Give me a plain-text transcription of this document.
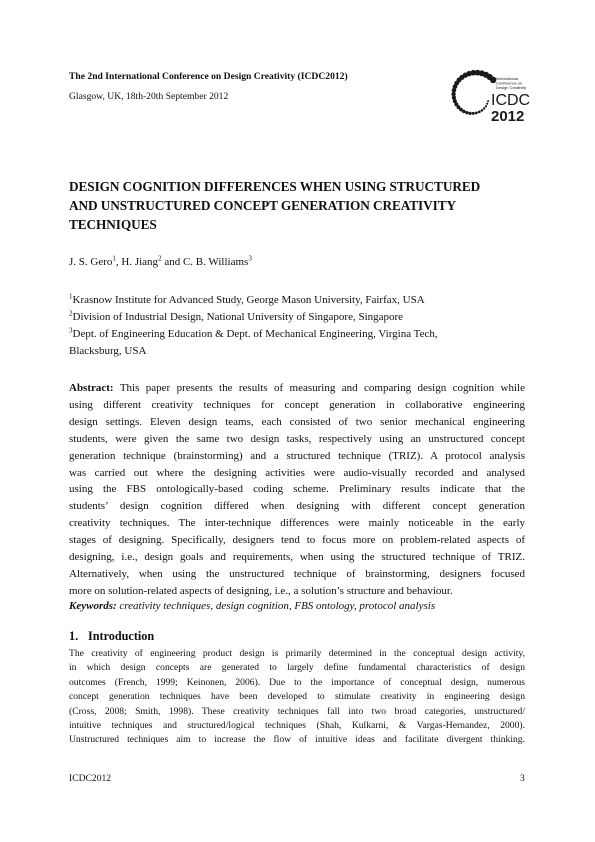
The 2nd International Conference on Design Creativity (ICDC2012)
Glasgow, UK, 18th-20th September 2012
International
Conference on
Design Creativity
ICDC
2012
DESIGN COGNITION DIFFERENCES WHEN USING STRUCTURED
AND UNSTRUCTURED CONCEPT GENERATION CREATIVITY
TECHNIQUES
J. S. Gero$^1$, H. Jiang$^2$ and C. B. Williams$^3$
$^1$Krasnow Institute for Advanced Study, George Mason University, Fairfax, USA
$^2$Division of Industrial Design, National University of Singapore, Singapore
$^3$Dept. of Engineering Education & Dept. of Mechanical Engineering, Virgina Tech,
Blacksburg, USA
Abstract: This paper presents the results of measuring and comparing design cognition while
using different creativity techniques for concept generation in collaborative engineering
design settings. Eleven design teams, each consisted of two senior mechanical engineering
students, were given the same two design tasks, respectively using an unstructured concept
generation technique (brainstorming) and a structured technique (TRIZ). A protocol analysis
was carried out where the designing activities were audio-visually recorded and analysed
using the FBS ontologically-based coding scheme. Preliminary results indicate that the
students’ design cognition differed when designing with different concept generation
creativity techniques. The inter-technique differences were mainly noticeable in the early
stages of designing. Specifically, designers tend to focus more on problem-related aspects of
designing, i.e., design goals and requirements, when using the structured technique of TRIZ.
Alternatively, when using the unstructured technique of brainstorming, designers focused
more on solution-related aspects of designing, i.e., a solution’s structure and behaviour.
Keywords: creativity techniques, design cognition, FBS ontology, protocol analysis
1. Introduction
The creativity of engineering product design is primarily determined in the conceptual design activity,
in which design concepts are generated to largely define fundamental characteristics of design
outcomes (French, 1999; Keinonen, 2006). Due to the importance of conceptual design, numerous
concept generation techniques have been developed to stimulate creativity in engineering design
(Cross, 2008; Smith, 1998). These creativity techniques fall into two broad categories, unstructured/
intuitive techniques and structured/logical techniques (Shah, Kulkarni, & Vargas-Hernandez, 2000).
Unstructured techniques aim to increase the flow of intuitive ideas and facilitate divergent thinking.
ICDC2012	3
